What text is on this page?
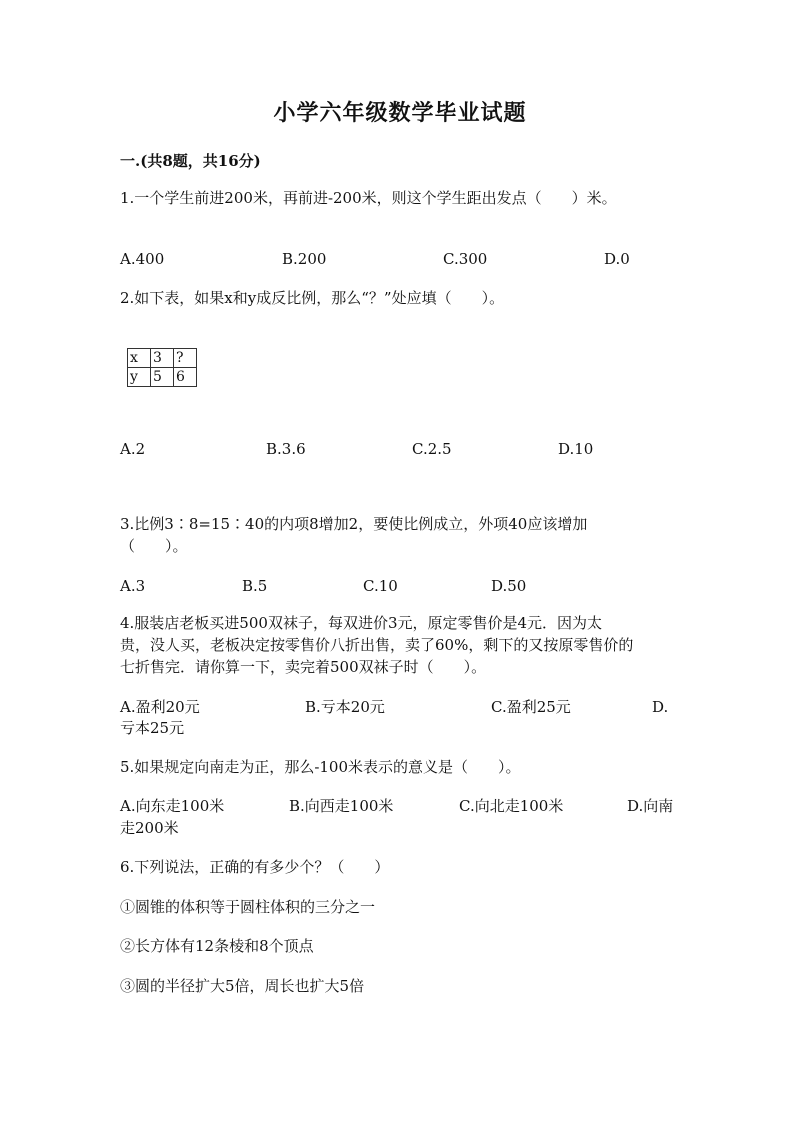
小学六年级数学毕业试题
一.(共8题，共16分)
1.一个学生前进200米，再前进-200米，则这个学生距出发点（　　）米。
A.400	B.200	C.300	D.0
2.如下表，如果x和y成反比例，那么“？”处应填（　　）。
x	3	?
y	5	6
A.2	B.3.6	C.2.5	D.10
3.比例3∶8=15∶40的内项8增加2，要使比例成立，外项40应该增加
（　　）。
A.3	B.5	C.10	D.50
4.服装店老板买进500双袜子，每双进价3元，原定零售价是4元．因为太
贵，没人买，老板决定按零售价八折出售，卖了60%，剩下的又按原零售价的
七折售完．请你算一下，卖完着500双袜子时（　　）。
A.盈利20元	B.亏本20元	C.盈利25元	D.
亏本25元
5.如果规定向南走为正，那么-100米表示的意义是（　　）。
A.向东走100米	B.向西走100米	C.向北走100米	D.向南
走200米
6.下列说法，正确的有多少个？（　　）
①圆锥的体积等于圆柱体积的三分之一
②长方体有12条棱和8个顶点
③圆的半径扩大5倍，周长也扩大5倍
